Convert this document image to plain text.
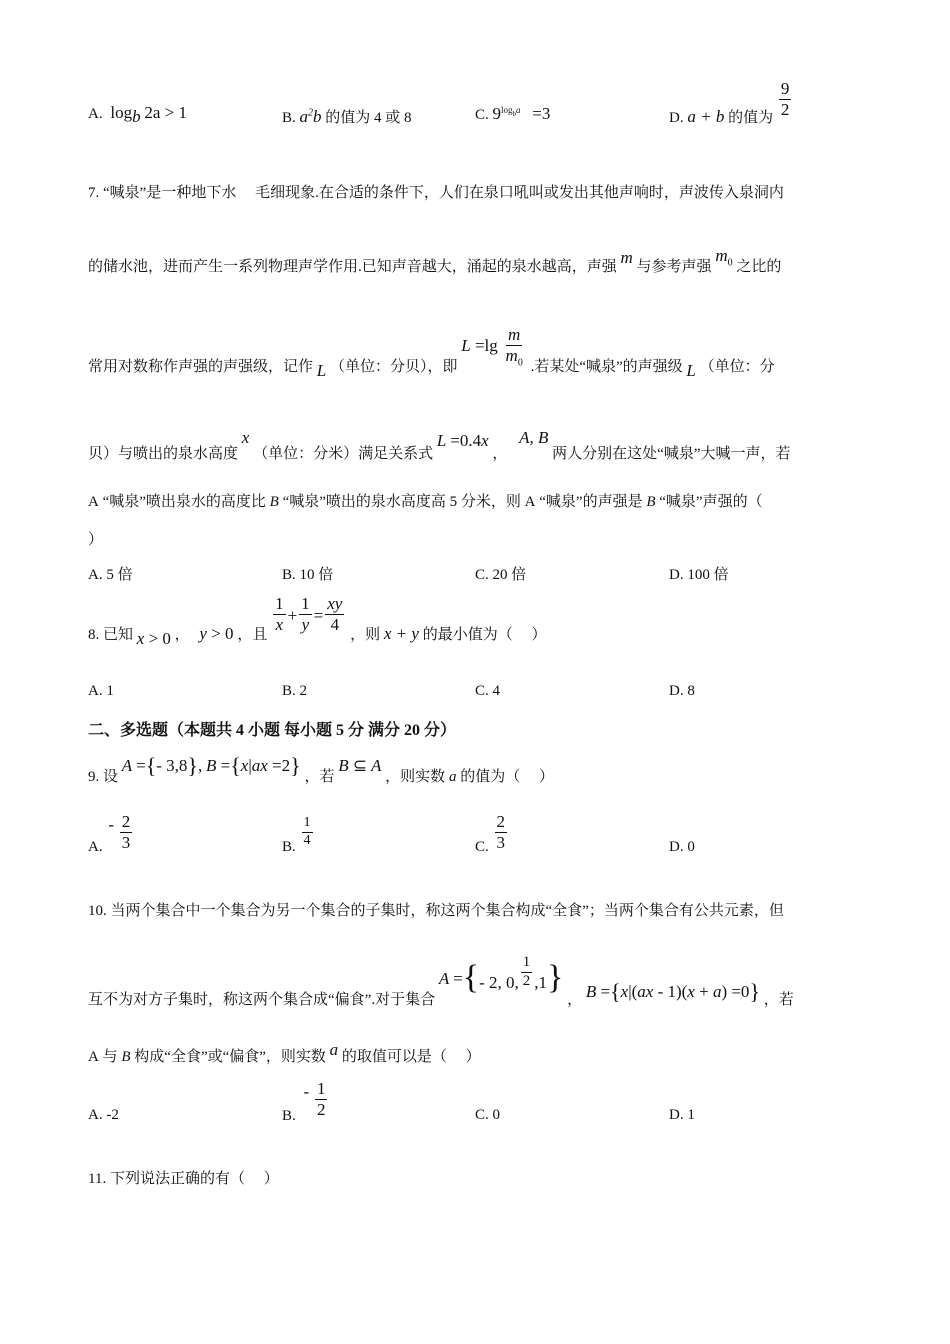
A. $\log_b 2a > 1$	B. $a^2b$ 的值为 4 或 8	C. $9^{log_ba} =3$	D. a + b 的值为 $\frac{9}{2}$
7. “喊泉”是一种地下水 　毛细现象.在合适的条件下，人们在泉口吼叫或发出其他声响时，声波传入泉洞内
的储水池，进而产生一系列物理声学作用.已知声音越大，涌起的泉水越高，声强 m 与参考声强 $m_0$ 之比的
常用对数称作声强的声强级，记作 L （单位：分贝），即 $L =\lg \frac{m}{m_0}$ .若某处“喊泉”的声强级 L （单位：分
贝）与喷出的泉水高度 x （单位：分米）满足关系式 L =0.4x ， A, B 两人分别在这处“喊泉”大喊一声，若
A “喊泉”喷出泉水的高度比 B “喊泉”喷出的泉水高度高 5 分米，则 A “喊泉”的声强是 B “喊泉”声强的（
）
A. 5 倍	B. 10 倍	C. 20 倍	D. 100 倍
8. 已知 x > 0 ， y > 0 ，且
$\frac{1}{x} + \frac{1}{y} = \frac{xy}{4}$
，则 x + y 的最小值为（　 ）
A. 1	B. 2	C. 4	D. 8
二、多选题（本题共 4 小题 每小题 5 分 满分 20 分）
9. 设 A ={- 3,8}, B ={x|ax =2} ，若 B ⊆ A ，则实数 a 的值为（　 ）
A. - $\frac{2}{3}$	B. $\frac{1}{4}$	C. $\frac{2}{3}$	D. 0
10. 当两个集合中一个集合为另一个集合的子集时，称这两个集合构成“全食”；当两个集合有公共元素，但
互不为对方子集时，称这两个集合成“偏食”.对于集合 A ={- 2, 0, $\frac{1}{2} ,1$} ， B ={x|(ax - 1)(x + a) =0} ，若
A 与 B 构成“全食”或“偏食”，则实数 a 的取值可以是（　 ）
A. -2	B. - $\frac{1}{2}$	C. 0	D. 1
11. 下列说法正确的有（　 ）
